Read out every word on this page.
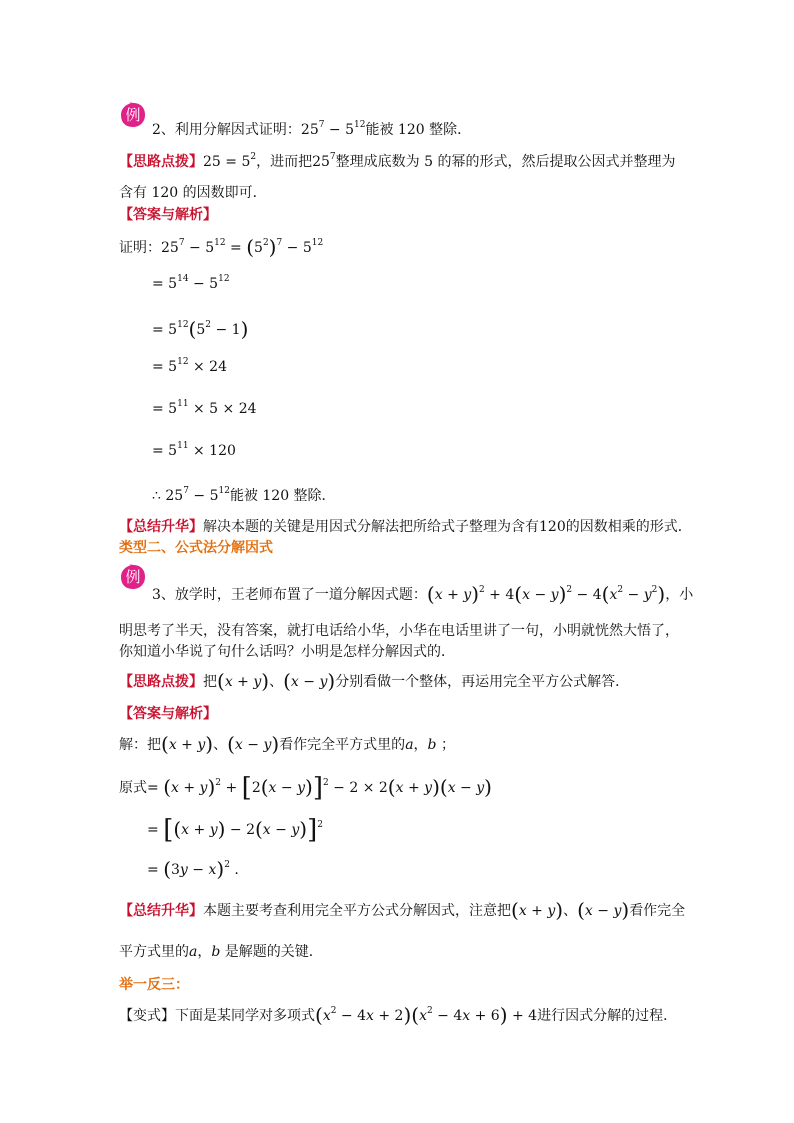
例
2、利用分解因式证明：$25^7 - 5^{12}$能被 120 整除．
【思路点拨】$25 = 5^2$，进而把$25^7$整理成底数为 5 的幂的形式，然后提取公因式并整理为
含有 120 的因数即可．
【答案与解析】
证明：$25^7 - 5^{12} = (5^2)^7 - 5^{12}$
= $5^{14} - 5^{12}$
= $5^{12}(5^2 - 1)$
= $5^{12} \times 24$
= $5^{11} \times 5 \times 24$
= $5^{11} \times 120$
∴ $25^7 - 5^{12}$能被 120 整除．
【总结升华】解决本题的关键是用因式分解法把所给式子整理为含有120的因数相乘的形式．
类型二、公式法分解因式
例
3、放学时，王老师布置了一道分解因式题：$(x + y)^2 + 4(x - y)^2 - 4(x^2 - y^2)$，小
明思考了半天，没有答案，就打电话给小华，小华在电话里讲了一句，小明就恍然大悟了，
你知道小华说了句什么话吗？小明是怎样分解因式的．
【思路点拨】把(x + y)、(x − y)分别看做一个整体，再运用完全平方公式解答．
【答案与解析】
解：把(x + y)、(x − y)看作完全平方式里的a，b ；
原式= $(x + y)^2 + [2(x - y)]^2 - 2 \times 2(x + y)(x - y)$
= $[(x + y) - 2(x - y)]^2$
= $(3y - x)^2$ .
【总结升华】本题主要考查利用完全平方公式分解因式，注意把(x + y)、(x − y)看作完全
平方式里的a，b 是解题的关键．
举一反三：
【变式】下面是某同学对多项式$(x^2 - 4x + 2)(x^2 - 4x + 6) + 4$进行因式分解的过程．
